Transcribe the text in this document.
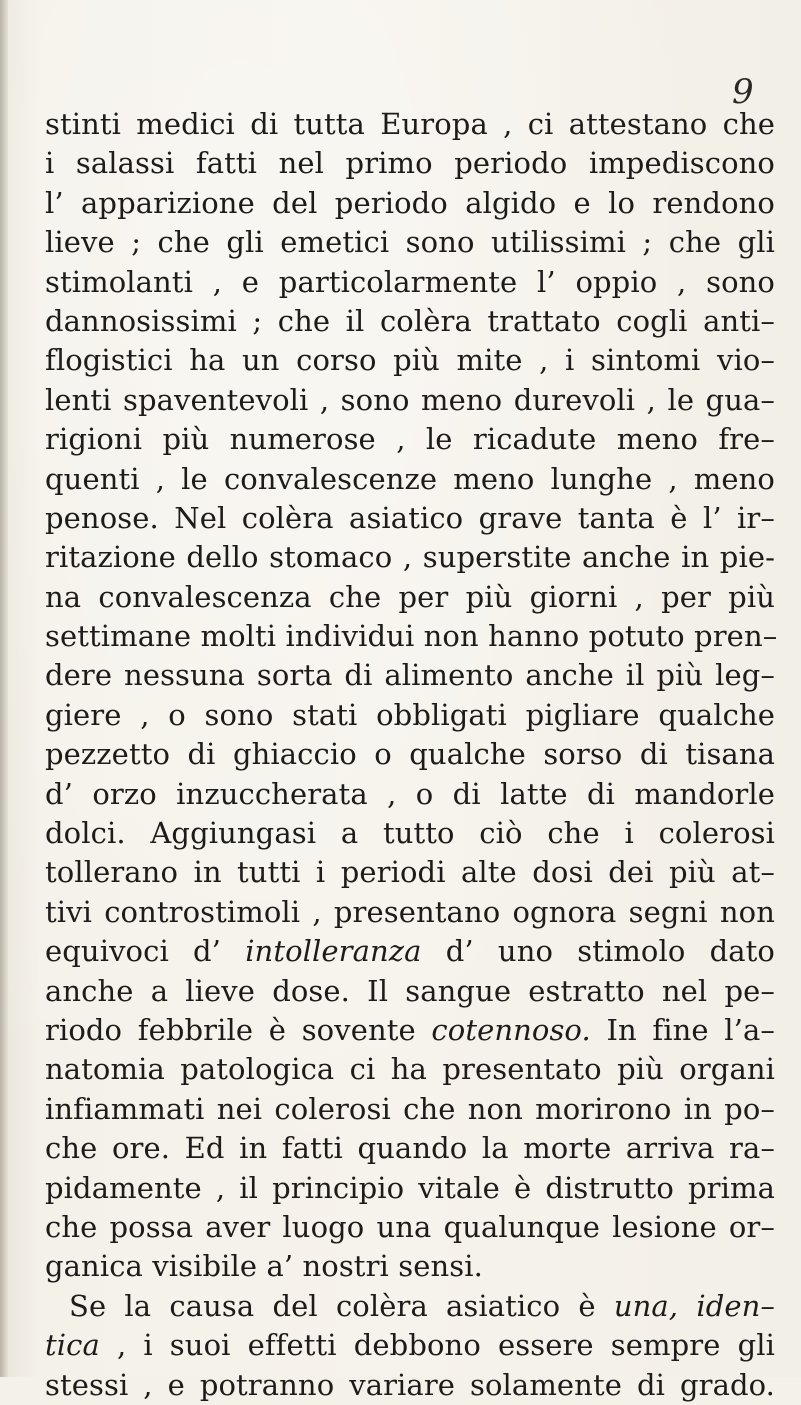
9
stinti medici di tutta Europa , ci attestano che
i salassi fatti nel primo periodo impediscono
l’ apparizione del periodo algido e lo rendono
lieve ; che gli emetici sono utilissimi ; che gli
stimolanti , e particolarmente l’ oppio , sono
dannosissimi ; che il colèra trattato cogli anti–
flogistici ha un corso più mite , i sintomi vio–
lenti spaventevoli , sono meno durevoli , le gua–
rigioni più numerose , le ricadute meno fre–
quenti , le convalescenze meno lunghe , meno
penose. Nel colèra asiatico grave tanta è l’ ir–
ritazione dello stomaco , superstite anche in pie-
na convalescenza che per più giorni , per più
settimane molti individui non hanno potuto pren–
dere nessuna sorta di alimento anche il più leg–
giere , o sono stati obbligati pigliare qualche
pezzetto di ghiaccio o qualche sorso di tisana
d’ orzo inzuccherata , o di latte di mandorle
dolci. Aggiungasi a tutto ciò che i colerosi
tollerano in tutti i periodi alte dosi dei più at–
tivi controstimoli , presentano ognora segni non
equivoci d’ intolleranza d’ uno stimolo dato
anche a lieve dose. Il sangue estratto nel pe–
riodo febbrile è sovente cotennoso. In fine l’a–
natomia patologica ci ha presentato più organi
infiammati nei colerosi che non morirono in po–
che ore. Ed in fatti quando la morte arriva ra–
pidamente , il principio vitale è distrutto prima
che possa aver luogo una qualunque lesione or–
ganica visibile a’ nostri sensi.
Se la causa del colèra asiatico è una, iden–
tica , i suoi effetti debbono essere sempre gli
stessi , e potranno variare solamente di grado.
